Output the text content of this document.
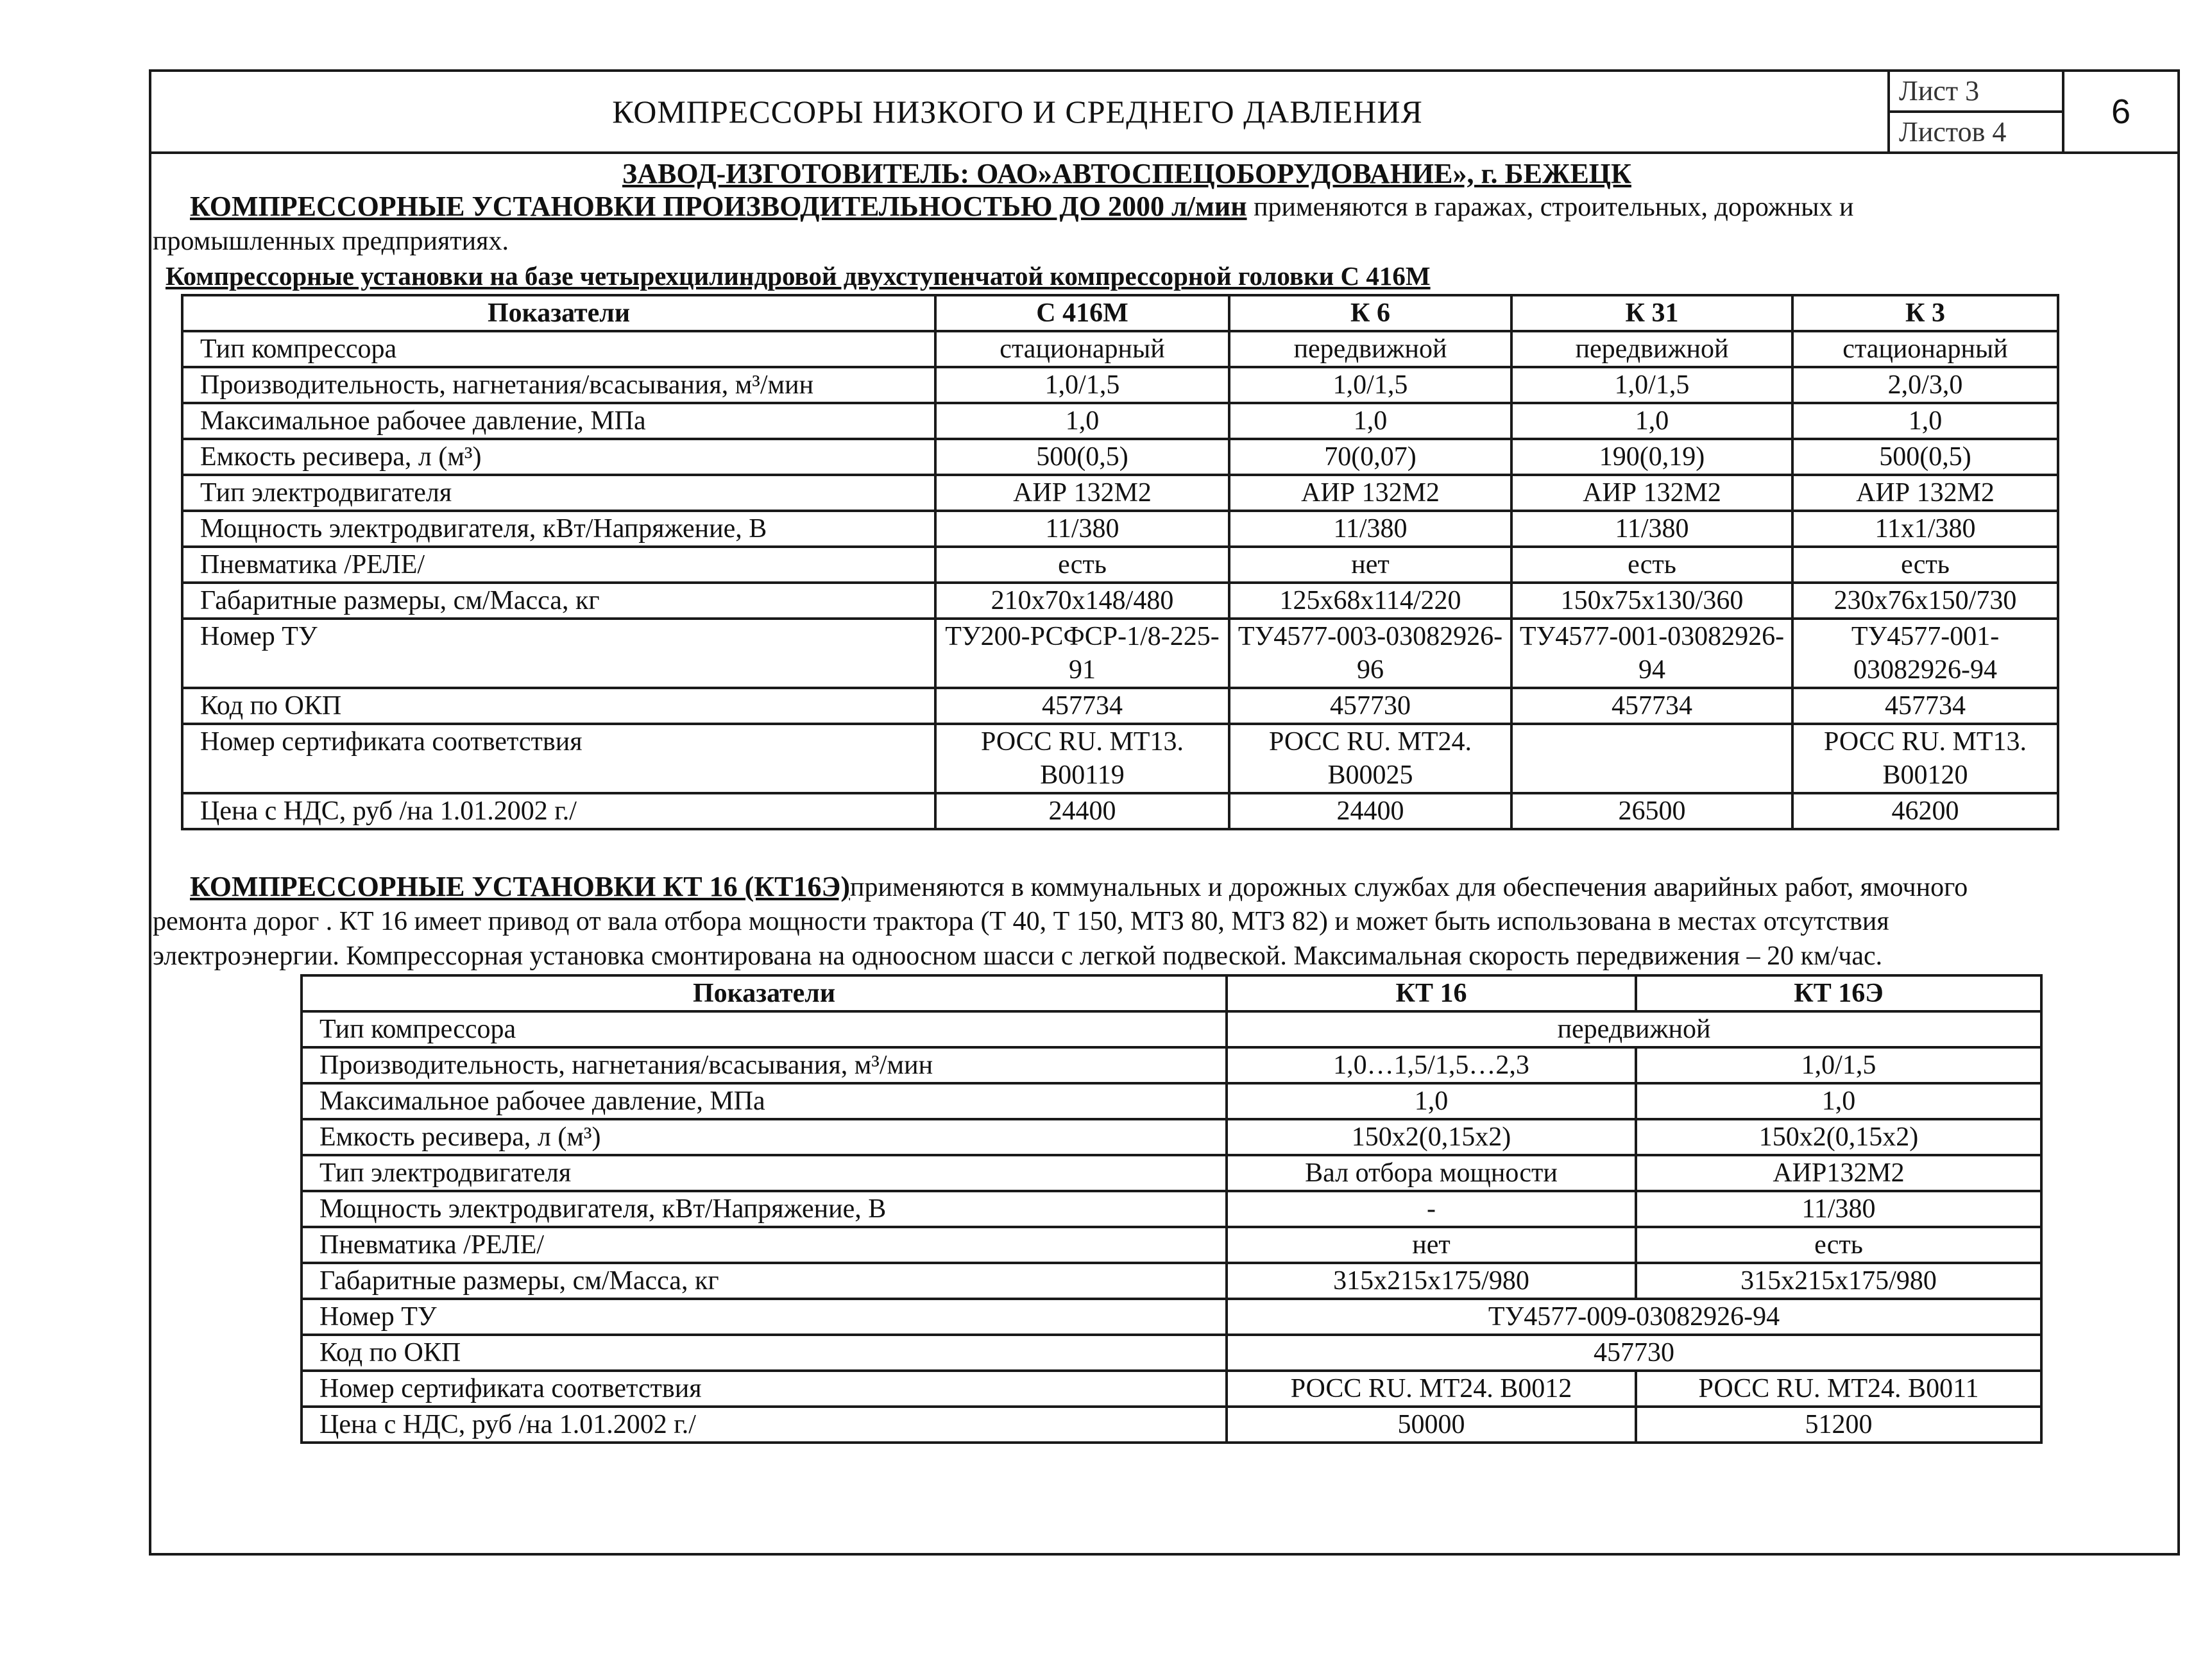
КОМПРЕССОРЫ НИЗКОГО И СРЕДНЕГО ДАВЛЕНИЯ
Лист 3
Листов 4
6
ЗАВОД-ИЗГОТОВИТЕЛЬ: ОАО»АВТОСПЕЦОБОРУДОВАНИЕ», г. БЕЖЕЦК
КОМПРЕССОРНЫЕ УСТАНОВКИ ПРОИЗВОДИТЕЛЬНОСТЬЮ ДО 2000 л/мин применяются в гаражах, строительных, дорожных и
промышленных предприятиях.
Компрессорные установки на базе четырехцилиндровой двухступенчатой компрессорной головки С 416М
Показатели	С 416М	К 6	К 31	К 3
Тип компрессора	стационарный	передвижной	передвижной	стационарный
Производительность, нагнетания/всасывания, м³/мин	1,0/1,5	1,0/1,5	1,0/1,5	2,0/3,0
Максимальное рабочее давление, МПа	1,0	1,0	1,0	1,0
Емкость ресивера, л (м³)	500(0,5)	70(0,07)	190(0,19)	500(0,5)
Тип электродвигателя	АИР 132М2	АИР 132М2	АИР 132М2	АИР 132М2
Мощность электродвигателя, кВт/Напряжение, В	11/380	11/380	11/380	11х1/380
Пневматика /РЕЛЕ/	есть	нет	есть	есть
Габаритные размеры, см/Масса, кг	210х70х148/480	125х68х114/220	150х75х130/360	230х76х150/730
Номер ТУ	ТУ200-РСФСР-1/8-225-91	ТУ4577-003-03082926-96	ТУ4577-001-03082926-94	ТУ4577-001-03082926-94
Код по ОКП	457734	457730	457734	457734
Номер сертификата соответствия	РОСС RU. МТ13. В00119	РОСС RU. МТ24. В00025		РОСС RU. МТ13. В00120
Цена с НДС, руб /на 1.01.2002 г./	24400	24400	26500	46200
КОМПРЕССОРНЫЕ УСТАНОВКИ КТ 16 (КТ16Э)применяются в коммунальных и дорожных службах для обеспечения аварийных работ, ямочного
ремонта дорог . КТ 16 имеет привод от вала отбора мощности трактора (Т 40, Т 150, МТЗ 80, МТЗ 82) и может быть использована в местах отсутствия
электроэнергии. Компрессорная установка смонтирована на одноосном шасси с легкой подвеской. Максимальная скорость передвижения – 20 км/час.
Показатели	КТ 16	КТ 16Э
Тип компрессора	передвижной	
Производительность, нагнетания/всасывания, м³/мин	1,0…1,5/1,5…2,3	1,0/1,5
Максимальное рабочее давление, МПа	1,0	1,0
Емкость ресивера, л (м³)	150х2(0,15х2)	150х2(0,15х2)
Тип электродвигателя	Вал отбора мощности	АИР132М2
Мощность электродвигателя, кВт/Напряжение, В	-	11/380
Пневматика /РЕЛЕ/	нет	есть
Габаритные размеры, см/Масса, кг	315х215х175/980	315х215х175/980
Номер ТУ	ТУ4577-009-03082926-94	
Код по ОКП	457730	
Номер сертификата соответствия	РОСС RU. МТ24. В0012	РОСС RU. МТ24. В0011
Цена с НДС, руб /на 1.01.2002 г./	50000	51200
